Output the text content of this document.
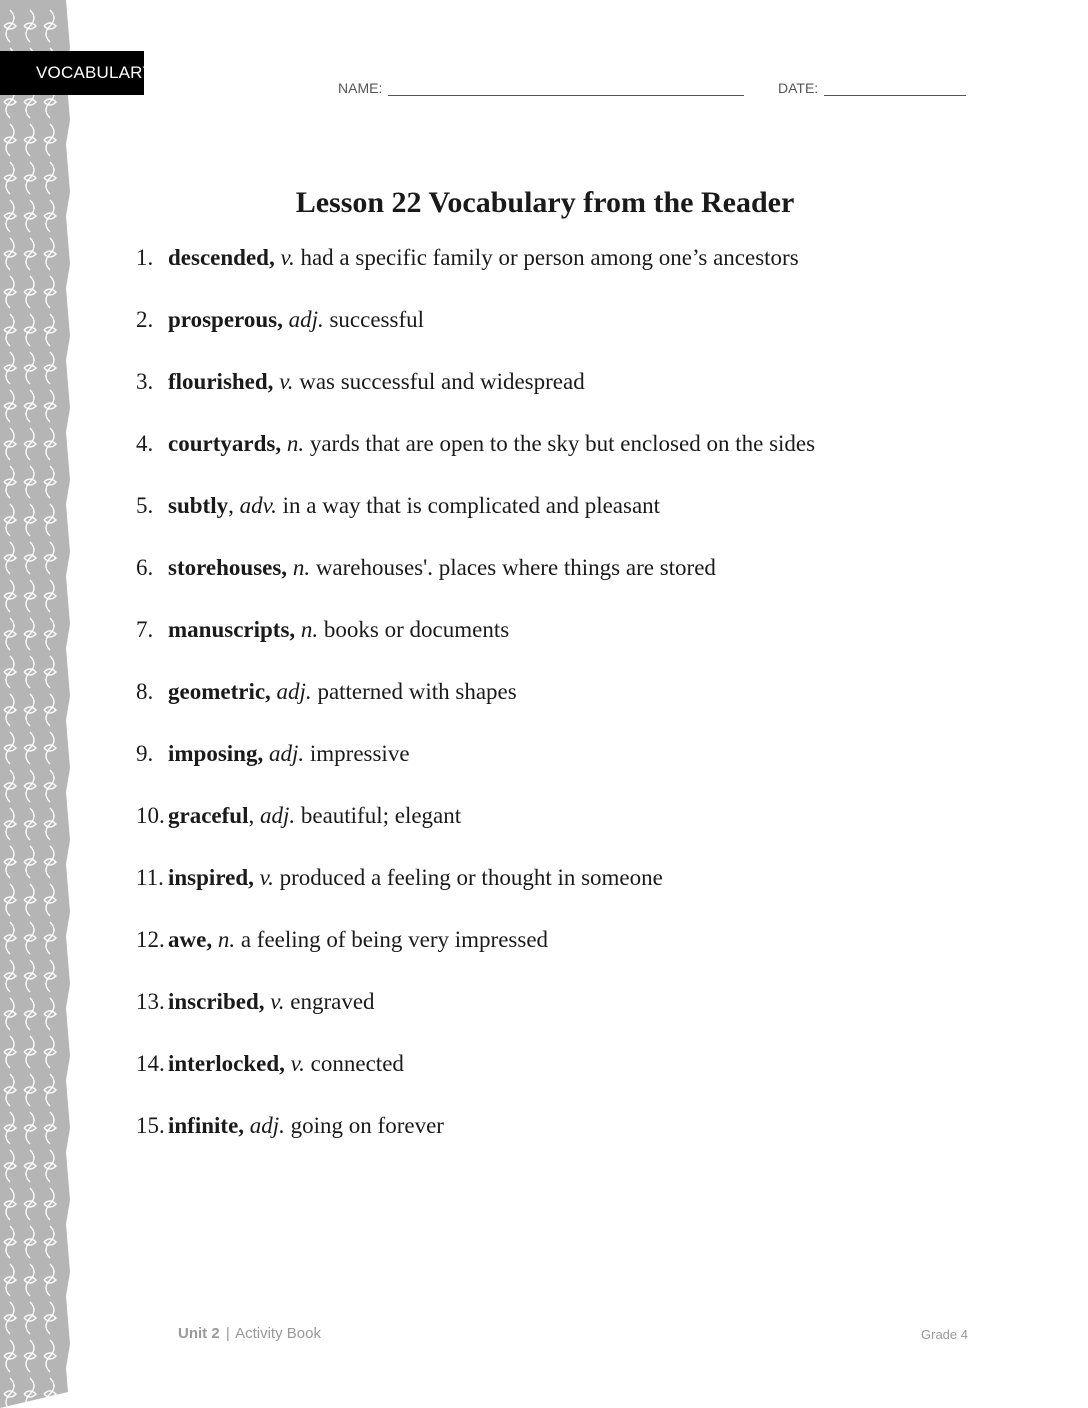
VOCABULARY
NAME:	DATE:
Lesson 22 Vocabulary from the Reader
1. descended, v. had a specific family or person among one’s ancestors
2. prosperous, adj. successful
3. flourished, v. was successful and widespread
4. courtyards, n. yards that are open to the sky but enclosed on the sides
5. subtly, adv. in a way that is complicated and pleasant
6. storehouses, n. warehouses'. places where things are stored
7. manuscripts, n. books or documents
8. geometric, adj. patterned with shapes
9. imposing, adj. impressive
10. graceful, adj. beautiful; elegant
11. inspired, v. produced a feeling or thought in someone
12. awe, n. a feeling of being very impressed
13. inscribed, v. engraved
14. interlocked, v. connected
15. infinite, adj. going on forever
Unit 2 | Activity Book	Grade 4
